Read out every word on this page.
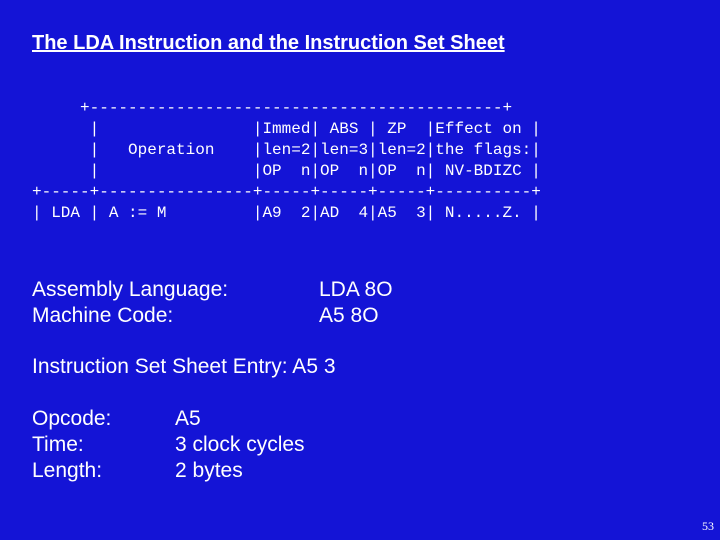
The LDA Instruction and the Instruction Set Sheet
+-------------------------------------------+
|                |Immed| ABS | ZP  |Effect on |
|   Operation    |len=2|len=3|len=2|the flags:|
|                |OP  n|OP  n|OP  n| NV-BDIZC |
+-----+----------------+-----+-----+-----+----------+
| LDA | A := M         |A9  2|AD  4|A5  3| N.....Z. |
Assembly Language:	LDA 8O
Machine Code:	A5 8O
Instruction Set Sheet Entry: A5 3
Opcode:	A5
Time:	3 clock cycles
Length:	2 bytes
53
